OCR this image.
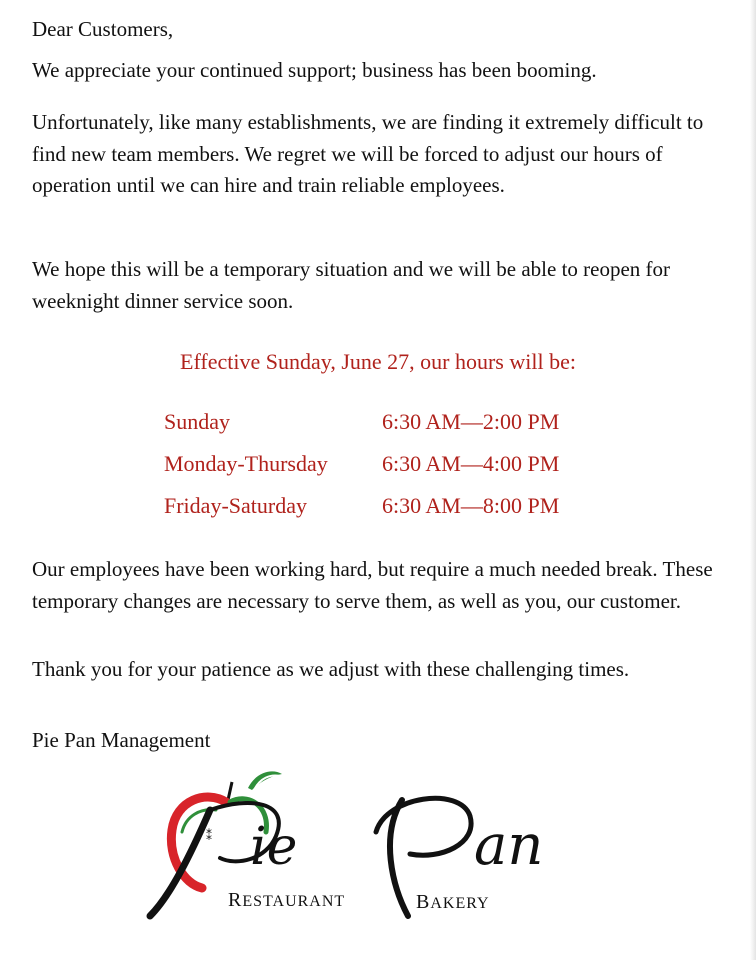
Dear Customers,

We appreciate your continued support; business has been booming.

Unfortunately, like many establishments, we are finding it extremely difficult to find new team members. We regret we will be forced to adjust our hours of operation until we can hire and train reliable employees.

We hope this will be a temporary situation and we will be able to reopen for weeknight dinner service soon.

Effective Sunday, June 27, our hours will be:

Sunday	6:30 AM—2:00 PM
Monday-Thursday 6:30 AM—4:00 PM
Friday-Saturday	6:30 AM—8:00 PM

Our employees have been working hard, but require a much needed break. These temporary changes are necessary to serve them, as well as you, our customer.

Thank you for your patience as we adjust with these challenging times.

Pie Pan Management

⁑ ie	an
RESTAURANT	BAKERY
